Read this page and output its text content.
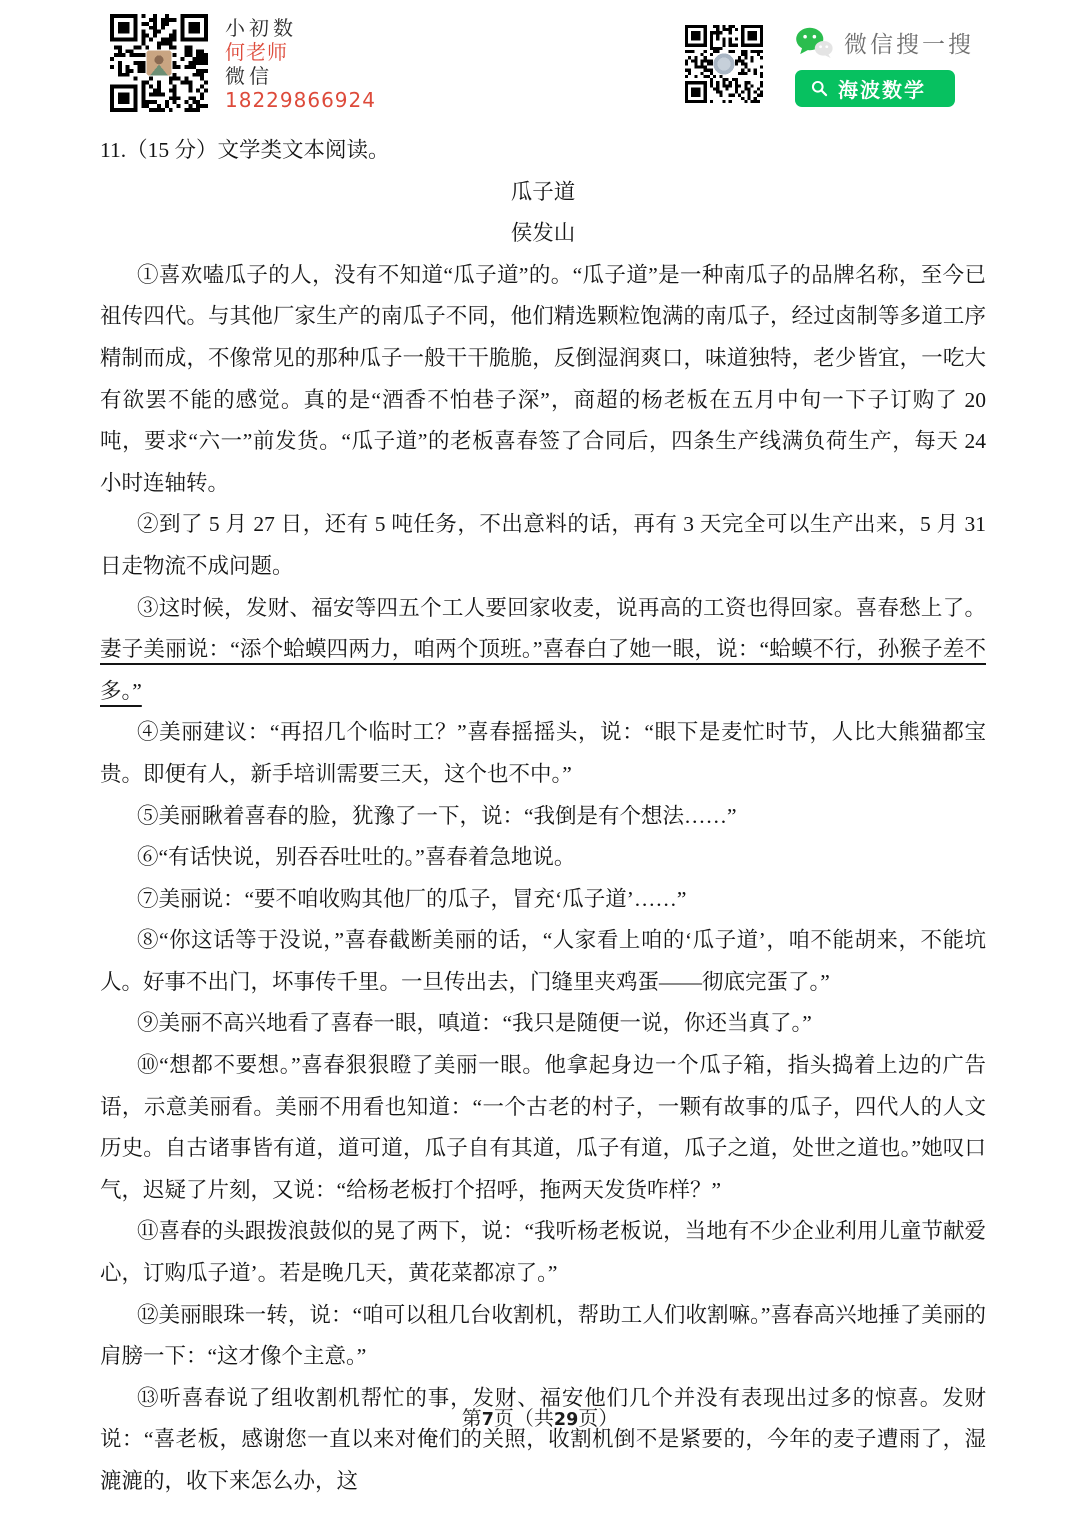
小初数
何老师
微信
18229866924
微信搜一搜
海波数学

11.（15 分）文学类文本阅读。

瓜子道

侯发山

①喜欢嗑瓜子的人，没有不知道“瓜子道”的。“瓜子道”是一种南瓜子的品牌名称，至今已祖传四代。与其他厂家生产的南瓜子不同，他们精选颗粒饱满的南瓜子，经过卤制等多道工序精制而成，不像常见的那种瓜子一般干干脆脆，反倒湿润爽口，味道独特，老少皆宜，一吃大有欲罢不能的感觉。真的是“酒香不怕巷子深”，商超的杨老板在五月中旬一下子订购了 20 吨，要求“六一”前发货。“瓜子道”的老板喜春签了合同后，四条生产线满负荷生产，每天 24 小时连轴转。

②到了 5 月 27 日，还有 5 吨任务，不出意料的话，再有 3 天完全可以生产出来，5 月 31 日走物流不成问题。

③这时候，发财、福安等四五个工人要回家收麦，说再高的工资也得回家。喜春愁上了。妻子美丽说：“添个蛤蟆四两力，咱两个顶班。”喜春白了她一眼，说：“蛤蟆不行，孙猴子差不多。”

④美丽建议：“再招几个临时工？”喜春摇摇头，说：“眼下是麦忙时节，人比大熊猫都宝贵。即便有人，新手培训需要三天，这个也不中。”

⑤美丽瞅着喜春的脸，犹豫了一下，说：“我倒是有个想法……”

⑥“有话快说，别吞吞吐吐的。”喜春着急地说。

⑦美丽说：“要不咱收购其他厂的瓜子，冒充‘瓜子道’……”

⑧“你这话等于没说，”喜春截断美丽的话，“人家看上咱的‘瓜子道’，咱不能胡来，不能坑人。好事不出门，坏事传千里。一旦传出去，门缝里夹鸡蛋——彻底完蛋了。”

⑨美丽不高兴地看了喜春一眼，嗔道：“我只是随便一说，你还当真了。”

⑩“想都不要想。”喜春狠狠瞪了美丽一眼。他拿起身边一个瓜子箱，指头捣着上边的广告语，示意美丽看。美丽不用看也知道：“一个古老的村子，一颗有故事的瓜子，四代人的人文历史。自古诸事皆有道，道可道，瓜子自有其道，瓜子有道，瓜子之道，处世之道也。”她叹口气，迟疑了片刻，又说：“给杨老板打个招呼，拖两天发货咋样？”

⑪喜春的头跟拨浪鼓似的晃了两下，说：“我听杨老板说，当地有不少企业利用儿童节献爱心，订购瓜子道’。若是晚几天，黄花菜都凉了。”

⑫美丽眼珠一转，说：“咱可以租几台收割机，帮助工人们收割嘛。”喜春高兴地捶了美丽的肩膀一下：“这才像个主意。”

⑬听喜春说了组收割机帮忙的事，发财、福安他们几个并没有表现出过多的惊喜。发财说：“喜老板，感谢您一直以来对俺们的关照，收割机倒不是紧要的，今年的麦子遭雨了，湿漉漉的，收下来怎么办，这

第7页（共29页）
